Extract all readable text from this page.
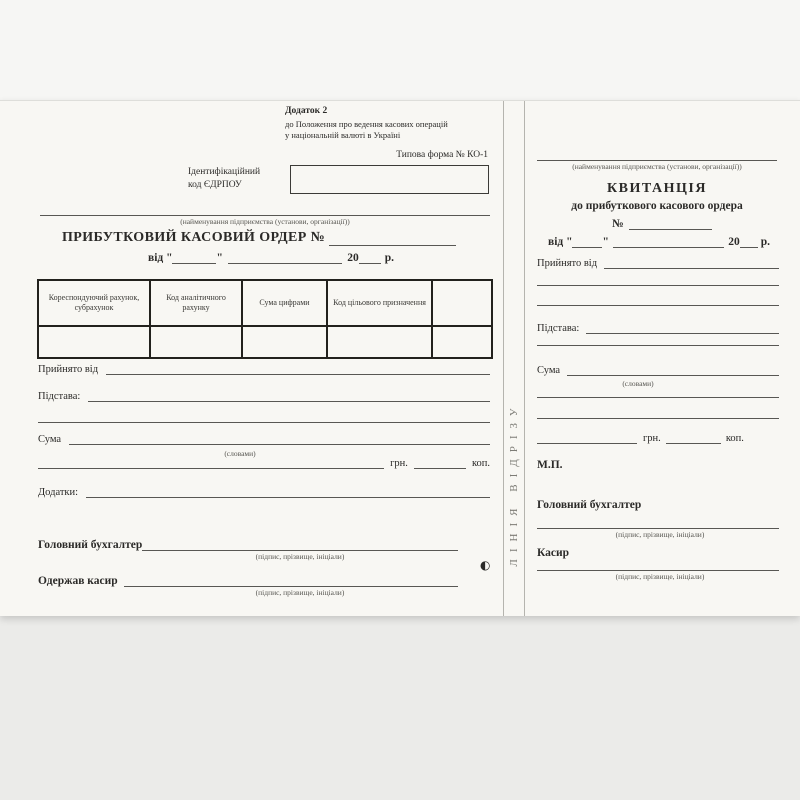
Додаток 2
до Положення про ведення касових операцій
у національній валюті в Україні
Типова форма № КО-1
Ідентифікаційний
код ЄДРПОУ
(найменування підприємства (установи, організації))
ПРИБУТКОВИЙ КАСОВИЙ ОРДЕР №
від "	"	20 р.
Кореспондуючий рахунок, субрахунок	Код аналітичного рахунку	Сума цифрами	Код цільового призначення	

Прийнято від
Підстава:
Сума
(словами)
грн.	коп.
Додатки:
Головний бухгалтер
(підпис, прізвище, ініціали)
Одержав касир
(підпис, прізвище, ініціали)
◐ ЛІНІЯ ВІДРІЗУ
(найменування підприємства (установи, організації))
КВИТАНЦІЯ
до прибуткового касового ордера
№
від "	"	20 р.
Прийнято від
Підстава:
Сума
(словами)
грн.	коп.
М.П.
Головний бухгалтер
(підпис, прізвище, ініціали)
Касир
(підпис, прізвище, ініціали)
